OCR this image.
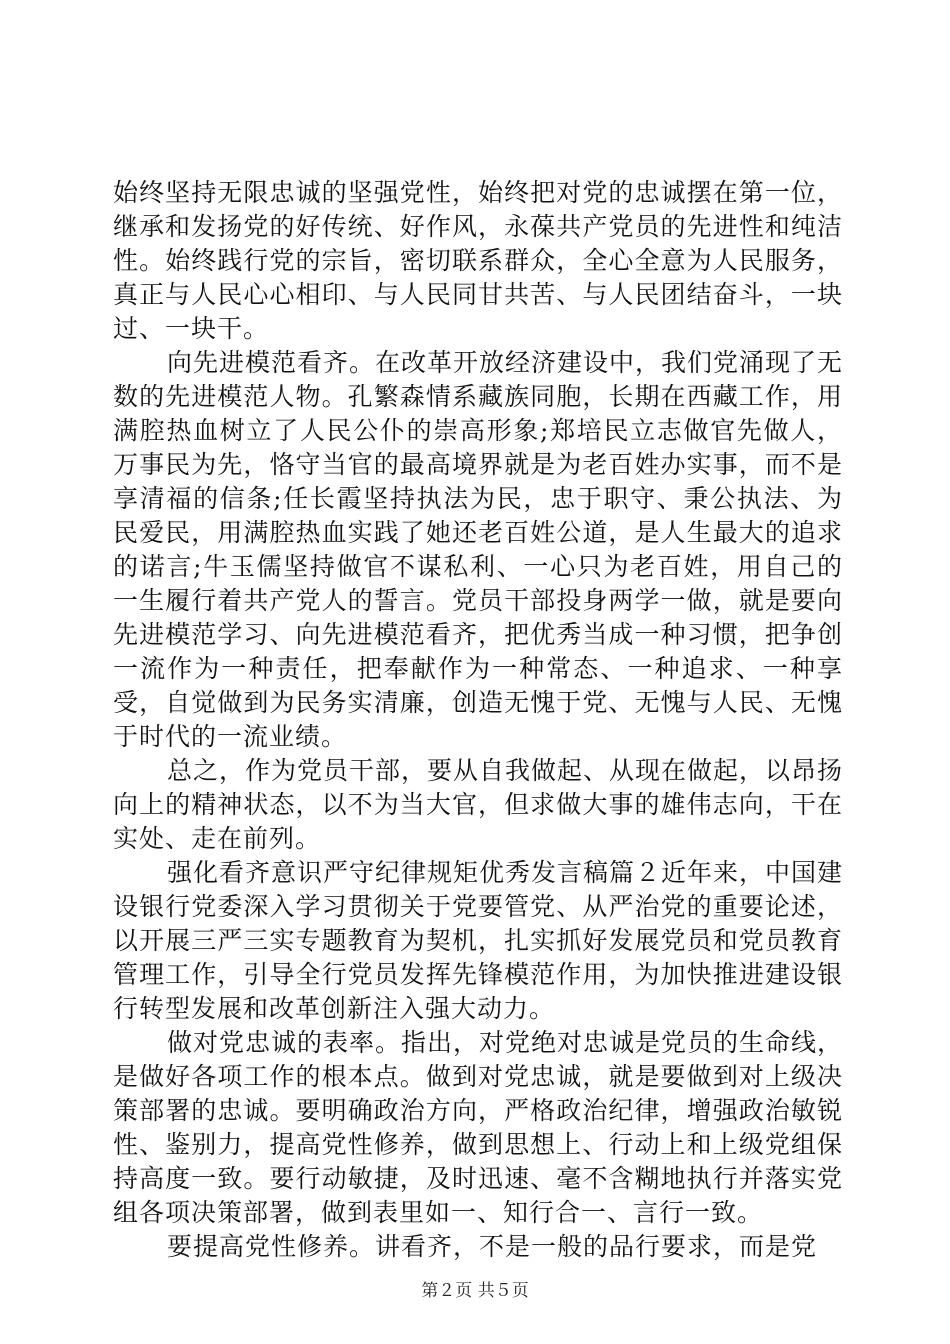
始终坚持无限忠诚的坚强党性，始终把对党的忠诚摆在第一位，继承和发扬党的好传统、好作风，永葆共产党员的先进性和纯洁性。始终践行党的宗旨，密切联系群众，全心全意为人民服务，真正与人民心心相印、与人民同甘共苦、与人民团结奋斗，一块过、一块干。

向先进模范看齐。在改革开放经济建设中，我们党涌现了无数的先进模范人物。孔繁森情系藏族同胞，长期在西藏工作，用满腔热血树立了人民公仆的崇高形象;郑培民立志做官先做人，万事民为先，恪守当官的最高境界就是为老百姓办实事，而不是享清福的信条;任长霞坚持执法为民，忠于职守、秉公执法、为民爱民，用满腔热血实践了她还老百姓公道，是人生最大的追求的诺言;牛玉儒坚持做官不谋私利、一心只为老百姓，用自己的一生履行着共产党人的誓言。党员干部投身两学一做，就是要向先进模范学习、向先进模范看齐，把优秀当成一种习惯，把争创一流作为一种责任，把奉献作为一种常态、一种追求、一种享受，自觉做到为民务实清廉，创造无愧于党、无愧与人民、无愧于时代的一流业绩。

总之，作为党员干部，要从自我做起、从现在做起，以昂扬向上的精神状态，以不为当大官，但求做大事的雄伟志向，干在实处、走在前列。

强化看齐意识严守纪律规矩优秀发言稿篇２近年来，中国建设银行党委深入学习贯彻关于党要管党、从严治党的重要论述，以开展三严三实专题教育为契机，扎实抓好发展党员和党员教育管理工作，引导全行党员发挥先锋模范作用，为加快推进建设银行转型发展和改革创新注入强大动力。

做对党忠诚的表率。指出，对党绝对忠诚是党员的生命线，是做好各项工作的根本点。做到对党忠诚，就是要做到对上级决策部署的忠诚。要明确政治方向，严格政治纪律，增强政治敏锐性、鉴别力，提高党性修养，做到思想上、行动上和上级党组保持高度一致。要行动敏捷，及时迅速、毫不含糊地执行并落实党组各项决策部署，做到表里如一、知行合一、言行一致。

要提高党性修养。讲看齐，不是一般的品行要求，而是党

第２页 共５页
